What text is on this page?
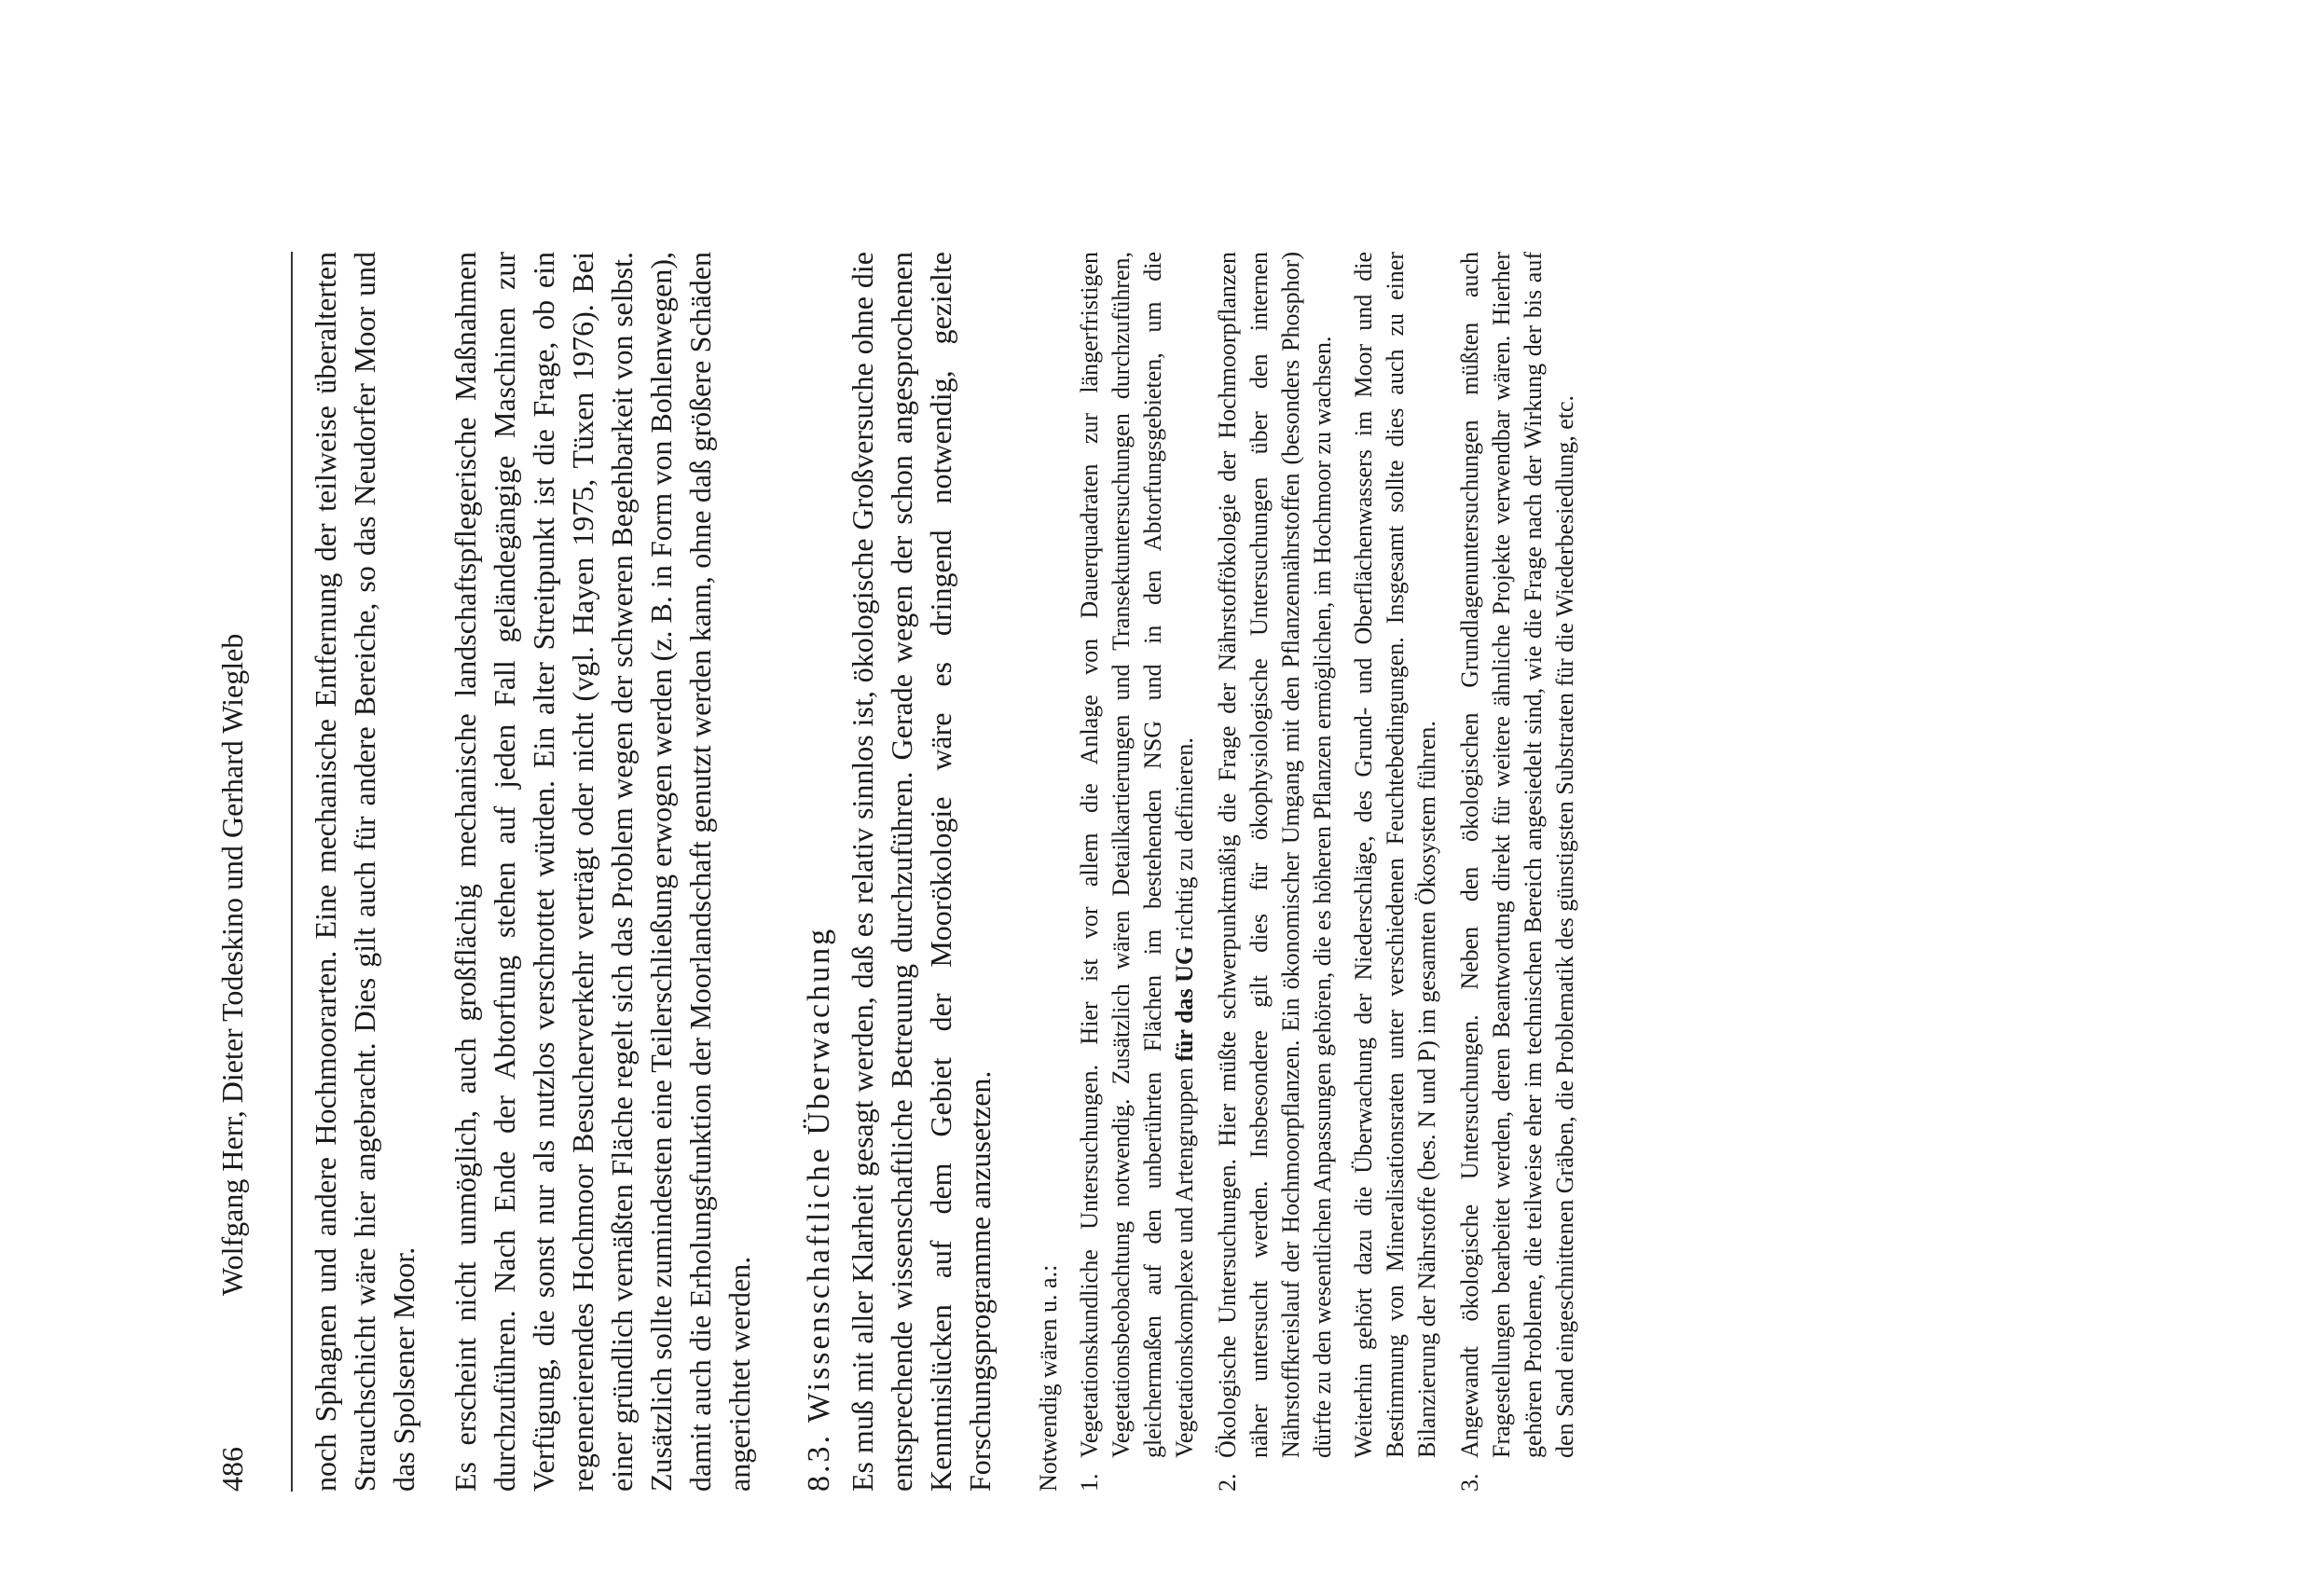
486
Wolfgang Herr, Dieter Todeskino und Gerhard Wiegleb noch Sphagnen und andere Hochmoorarten. Eine mechanische Entfernung der teilweise überalterten Strauchschicht wäre hier angebracht. Dies gilt auch für andere Bereiche, so das Neudorfer Moor und das Spolsener Moor. Es erscheint nicht unmöglich, auch großflächig mechanische landschaftspflegerische Maßnahmen durchzuführen. Nach Ende der Abtorfung stehen auf jeden Fall geländegängige Maschinen zur Verfügung, die sonst nur als nutzlos verschrottet würden. Ein alter Streitpunkt ist die Frage, ob ein regenerierendes Hochmoor Besucherverkehr verträgt oder nicht (vgl. Hayen 1975, Tüxen 1976). Bei einer gründlich vernäßten Fläche regelt sich das Problem wegen der schweren Begehbarkeit von selbst. Zusätzlich sollte zumindesten eine Teilerschließung erwogen werden (z. B. in Form von Bohlenwegen), damit auch die Erholungsfunktion der Moorlandschaft genutzt werden kann, ohne daß größere Schäden angerichtet werden. 8.3. Wissenschaftliche Überwachung Es muß mit aller Klarheit gesagt werden, daß es relativ sinnlos ist, ökologische Großversuche ohne die entsprechende wissenschaftliche Betreuung durchzuführen. Gerade wegen der schon angesprochenen Kenntnislücken auf dem Gebiet der Moorökologie wäre es dringend notwendig, gezielte Forschungsprogramme anzusetzen. Notwendig wären u. a.: 1.
Vegetationskundliche Untersuchungen. Hier ist vor allem die Anlage von Dauerquadraten zur längerfristigen Vegetationsbeobachtung notwendig. Zusätzlich wären Detailkartierungen und Transektuntersuchungen durchzuführen, gleichermaßen auf den unberührten Flächen im bestehenden NSG und in den Abtorfungsgebieten, um die Vegetationskomplexe und Artengruppen für das UG richtig zu definieren.
2.
Ökologische Untersuchungen. Hier müßte schwerpunktmäßig die Frage der Nährstoffökologie der Hochmoorpflanzen näher untersucht werden. Insbesondere gilt dies für ökophysiologische Untersuchungen über den internen Nährstoffkreislauf der Hochmoorpflanzen. Ein ökonomischer Umgang mit den Pflanzennährstoffen (besonders Phosphor) dürfte zu den wesentlichen Anpassungen gehören, die es höheren Pflanzen ermöglichen, im Hochmoor zu wachsen. Weiterhin gehört dazu die Überwachung der Niederschläge, des Grund- und Oberflächenwassers im Moor und die Bestimmung von Mineralisationsraten unter verschiedenen Feuchtebedingungen. Insgesamt sollte dies auch zu einer Bilanzierung der Nährstoffe (bes. N und P) im gesamten Ökosystem führen.
3.
Angewandt ökologische Untersuchungen. Neben den ökologischen Grundlagenuntersuchungen müßten auch Fragestellungen bearbeitet werden, deren Beantwortung direkt für weitere ähnliche Projekte verwendbar wären. Hierher gehören Probleme, die teilweise eher im technischen Bereich angesiedelt sind, wie die Frage nach der Wirkung der bis auf den Sand eingeschnittenen Gräben, die Problematik des günstigsten Substraten für die Wiederbesiedlung, etc.
